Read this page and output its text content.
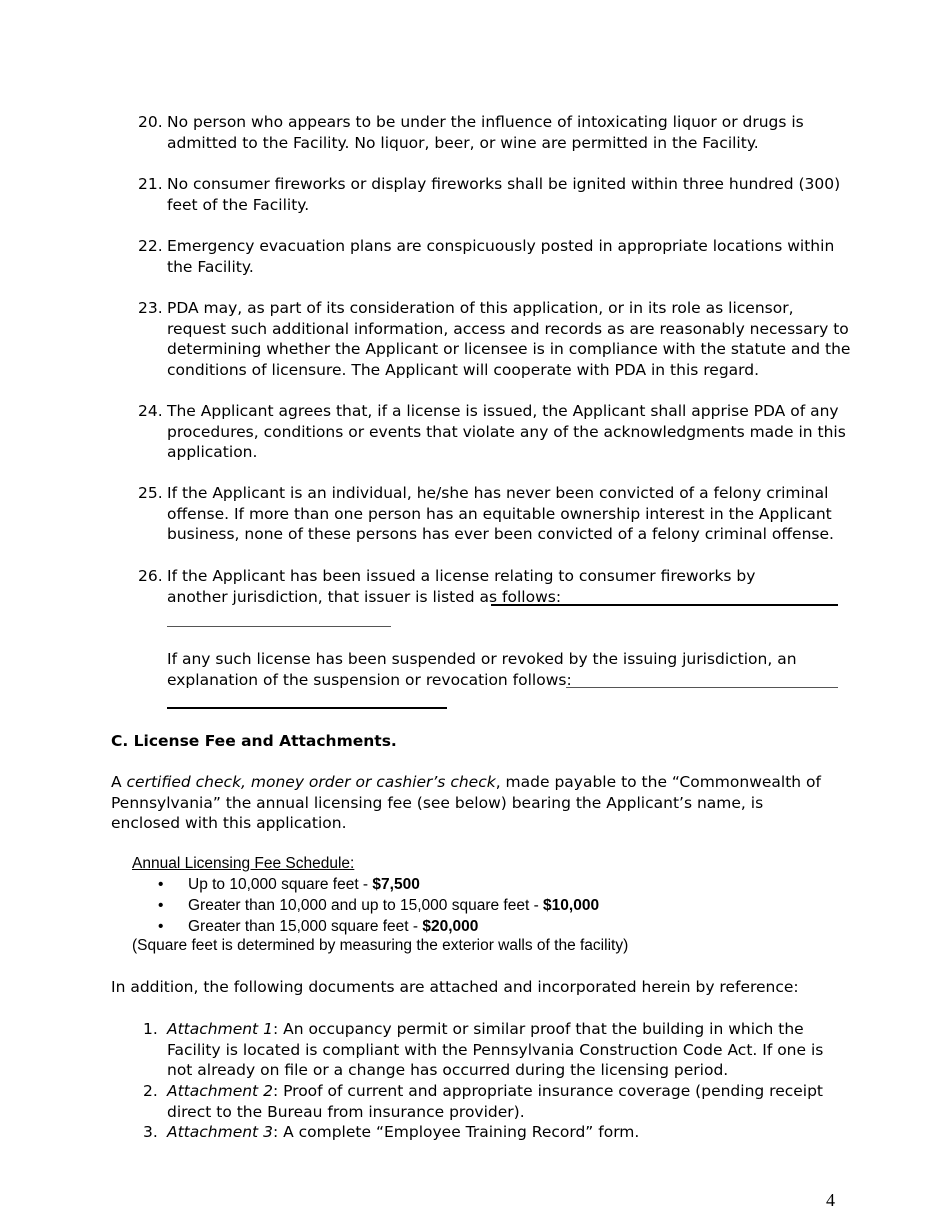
20. No person who appears to be under the influence of intoxicating liquor or drugs is admitted to the Facility. No liquor, beer, or wine are permitted in the Facility.
21. No consumer fireworks or display fireworks shall be ignited within three hundred (300) feet of the Facility.
22. Emergency evacuation plans are conspicuously posted in appropriate locations within the Facility.
23. PDA may, as part of its consideration of this application, or in its role as licensor, request such additional information, access and records as are reasonably necessary to determining whether the Applicant or licensee is in compliance with the statute and the conditions of licensure. The Applicant will cooperate with PDA in this regard.
24. The Applicant agrees that, if a license is issued, the Applicant shall apprise PDA of any procedures, conditions or events that violate any of the acknowledgments made in this application.
25. If the Applicant is an individual, he/she has never been convicted of a felony criminal offense. If more than one person has an equitable ownership interest in the Applicant business, none of these persons has ever been convicted of a felony criminal offense.
26. If the Applicant has been issued a license relating to consumer fireworks by another jurisdiction, that issuer is listed as follows:
If any such license has been suspended or revoked by the issuing jurisdiction, an explanation of the suspension or revocation follows:
C. License Fee and Attachments.
A certified check, money order or cashier’s check, made payable to the “Commonwealth of Pennsylvania” the annual licensing fee (see below) bearing the Applicant’s name, is enclosed with this application.
Annual Licensing Fee Schedule:
• Up to 10,000 square feet - $7,500
• Greater than 10,000 and up to 15,000 square feet - $10,000
• Greater than 15,000 square feet - $20,000
(Square feet is determined by measuring the exterior walls of the facility)
In addition, the following documents are attached and incorporated herein by reference:
1. Attachment 1: An occupancy permit or similar proof that the building in which the Facility is located is compliant with the Pennsylvania Construction Code Act. If one is not already on file or a change has occurred during the licensing period.
2. Attachment 2: Proof of current and appropriate insurance coverage (pending receipt direct to the Bureau from insurance provider).
3. Attachment 3: A complete “Employee Training Record” form.
4
